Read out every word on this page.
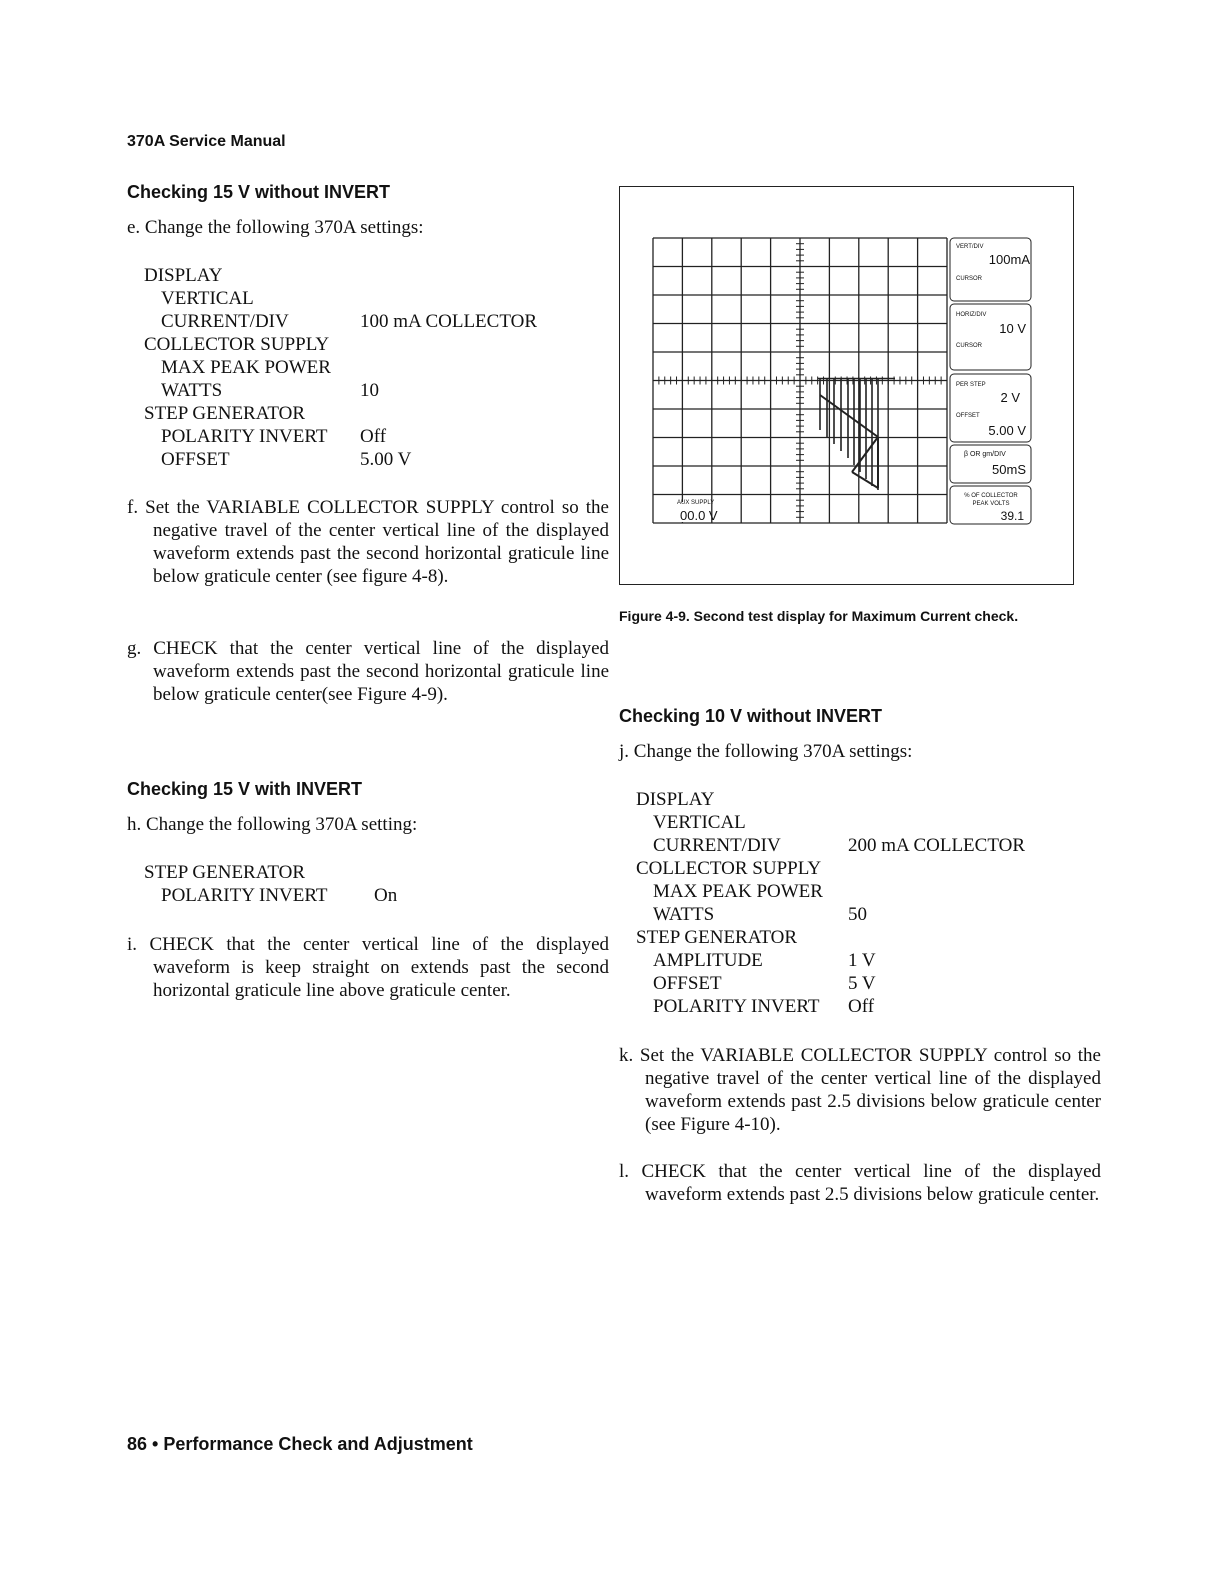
370A Service Manual
Checking 15 V without INVERT
e. Change the following 370A settings:
DISPLAY
VERTICAL
CURRENT/DIV	100 mA COLLECTOR
COLLECTOR SUPPLY
MAX PEAK POWER
WATTS	10
STEP GENERATOR
POLARITY INVERT	Off
OFFSET	5.00 V
f. Set the VARIABLE COLLECTOR SUPPLY control so the negative travel of the center vertical line of the displayed waveform extends past the second horizontal graticule line below graticule center (see figure 4-8).
g. CHECK that the center vertical line of the displayed waveform extends past the second horizontal graticule line below graticule center(see Figure 4-9).
Checking 15 V with INVERT
h. Change the following 370A setting:
STEP GENERATOR
POLARITY INVERT	On
i. CHECK that the center vertical line of the displayed waveform is keep straight on extends past the second horizontal graticule line above graticule center.
VERT/DIV
100mA
CURSOR
HORIZ/DIV
10 V
CURSOR
PER STEP
2 V
OFFSET
5.00 V
β OR gm/DIV
50mS
% OF COLLECTOR
PEAK VOLTS
39.1
AUX SUPPLY
00.0 V
Figure 4-9. Second test display for Maximum Current check.
Checking 10 V without INVERT
j. Change the following 370A settings:
DISPLAY
VERTICAL
CURRENT/DIV	200 mA COLLECTOR
COLLECTOR SUPPLY
MAX PEAK POWER
WATTS	50
STEP GENERATOR
AMPLITUDE	1 V
OFFSET	5 V
POLARITY INVERT	Off
k. Set the VARIABLE COLLECTOR SUPPLY control so the negative travel of the center vertical line of the displayed waveform extends past 2.5 divisions below graticule center (see Figure 4-10).
l. CHECK that the center vertical line of the displayed waveform extends past 2.5 divisions below graticule center.
86 • Performance Check and Adjustment
